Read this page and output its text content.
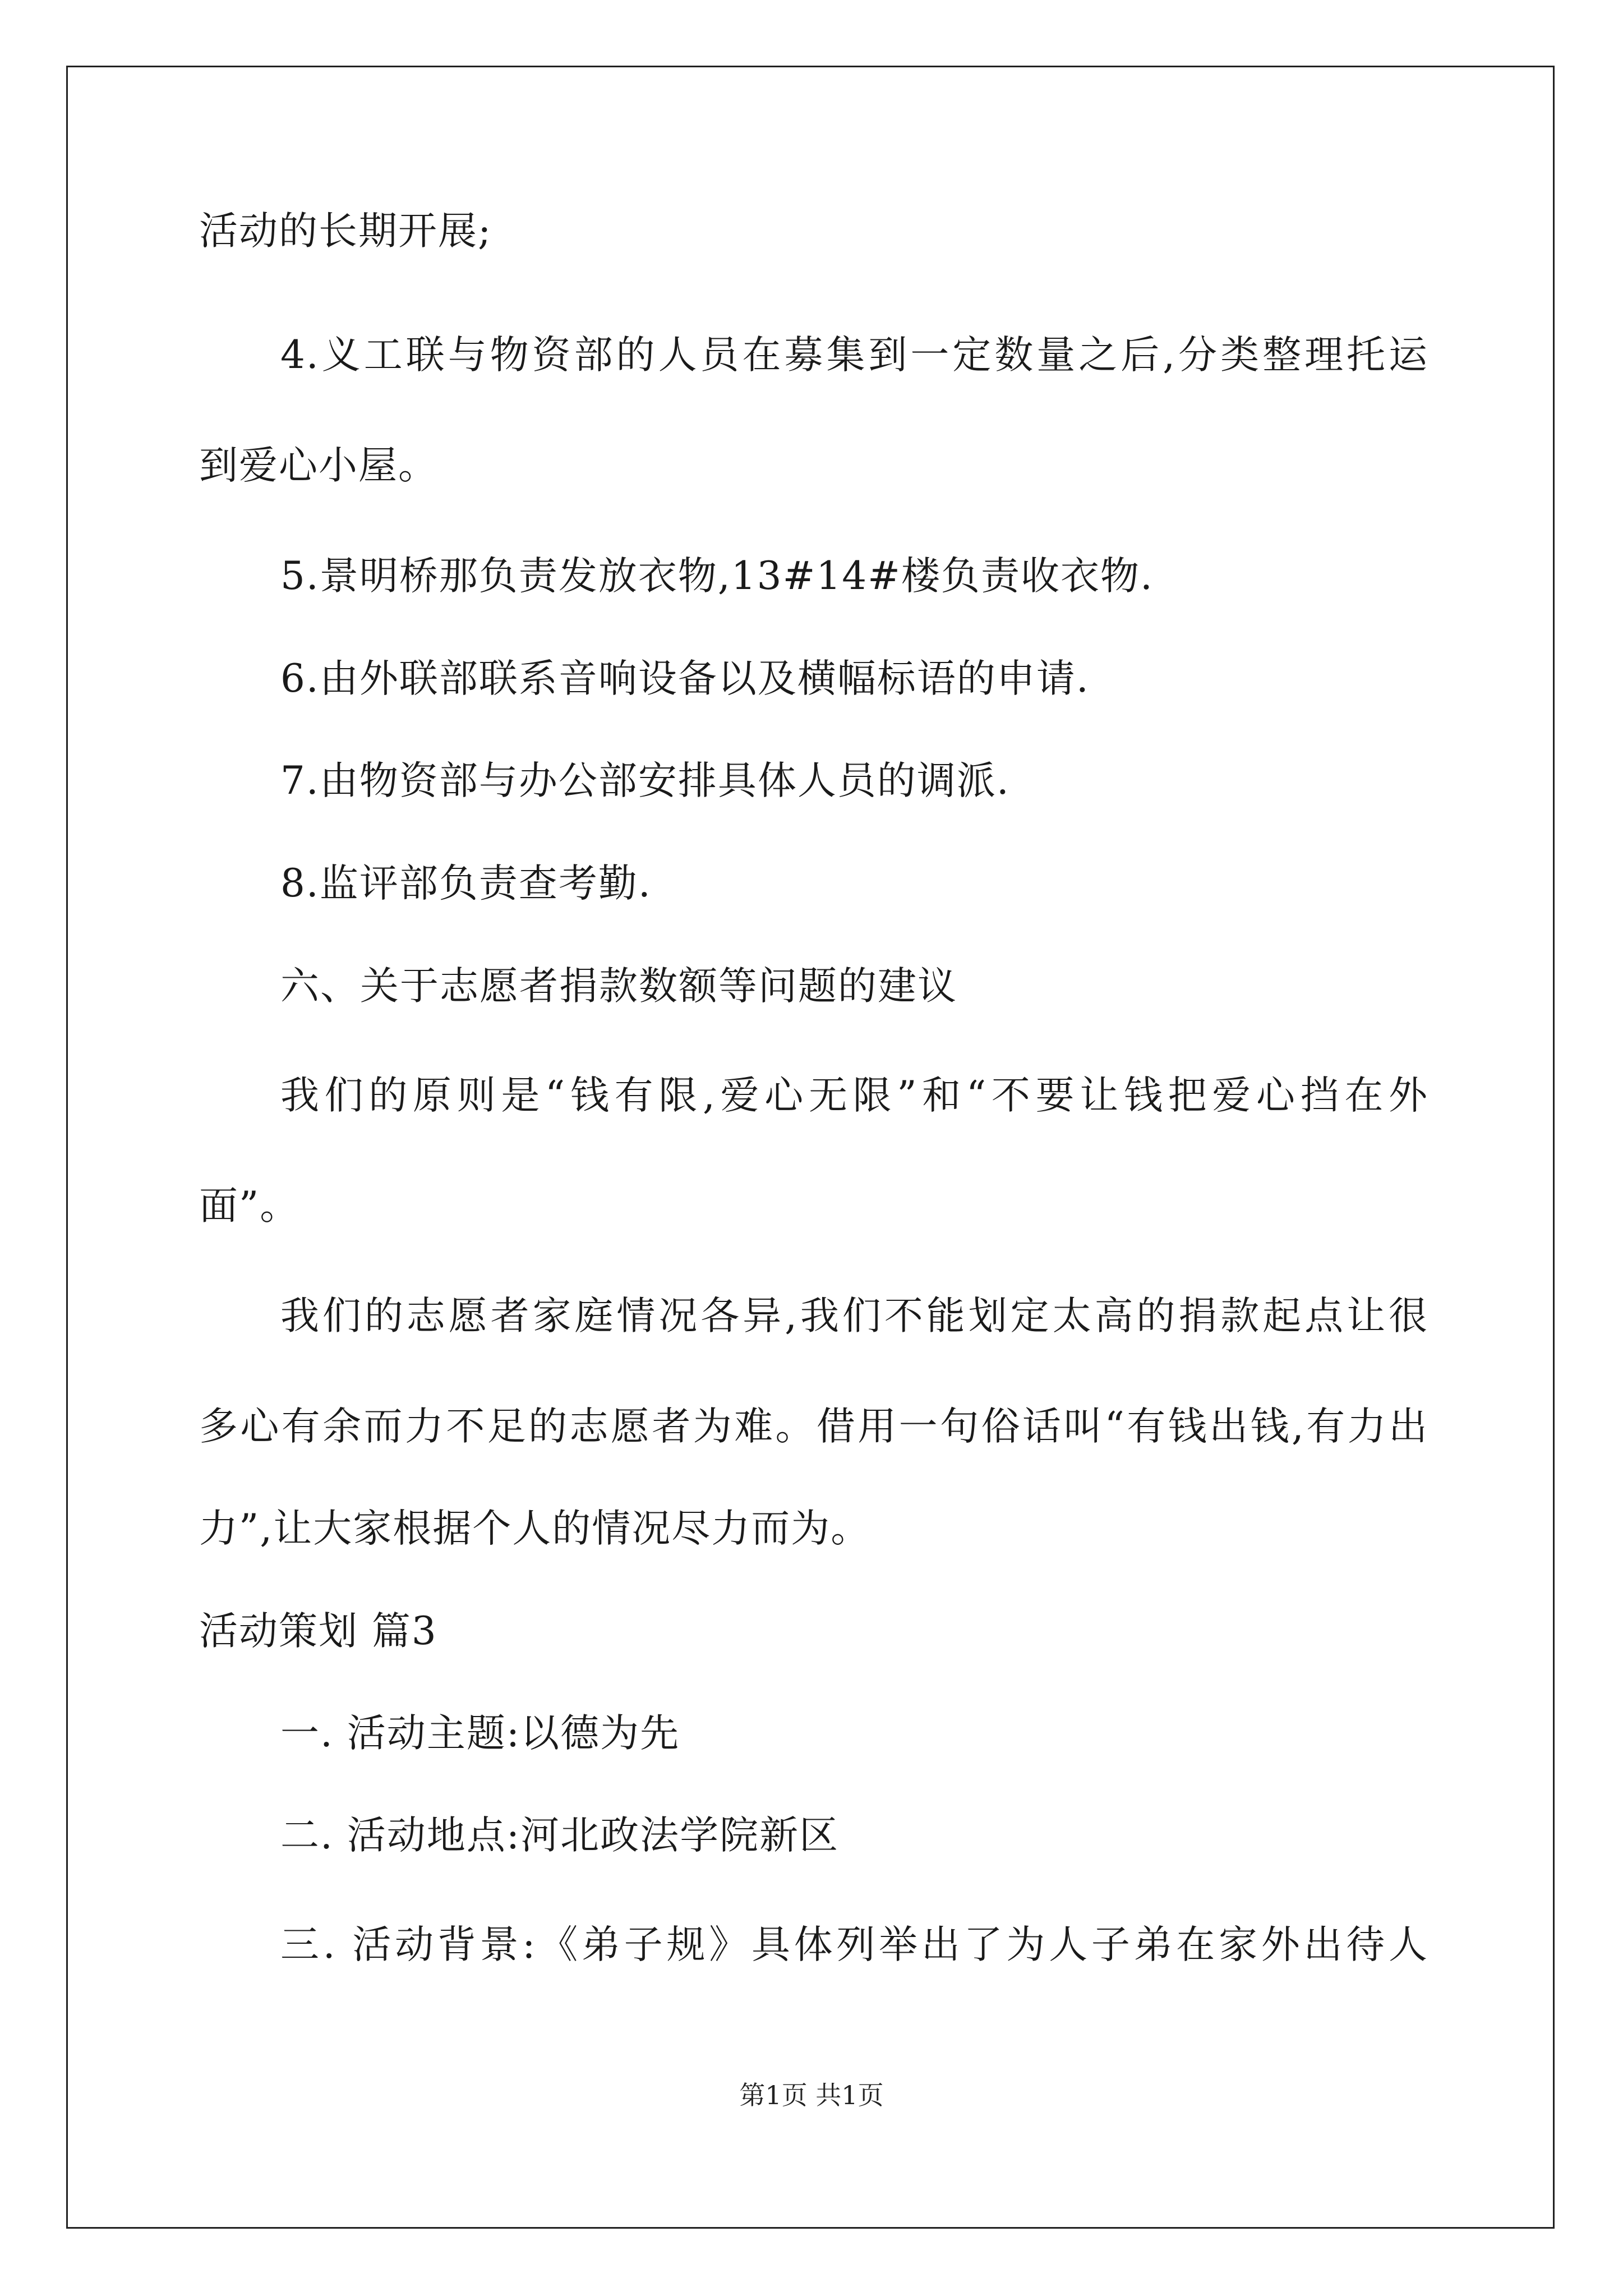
活动的长期开展;
4.义工联与物资部的人员在募集到一定数量之后,分类整理托运
到爱心小屋。
5.景明桥那负责发放衣物,13#14#楼负责收衣物.
6.由外联部联系音响设备以及横幅标语的申请.
7.由物资部与办公部安排具体人员的调派.
8.监评部负责查考勤.
六、关于志愿者捐款数额等问题的建议
我们的原则是“钱有限,爱心无限”和“不要让钱把爱心挡在外
面”。
我们的志愿者家庭情况各异,我们不能划定太高的捐款起点让很
多心有余而力不足的志愿者为难。借用一句俗话叫“有钱出钱,有力出
力”,让大家根据个人的情况尽力而为。
活动策划 篇3
一. 活动主题:以德为先
二. 活动地点:河北政法学院新区
三. 活动背景:《弟子规》具体列举出了为人子弟在家外出待人
第1页 共1页
